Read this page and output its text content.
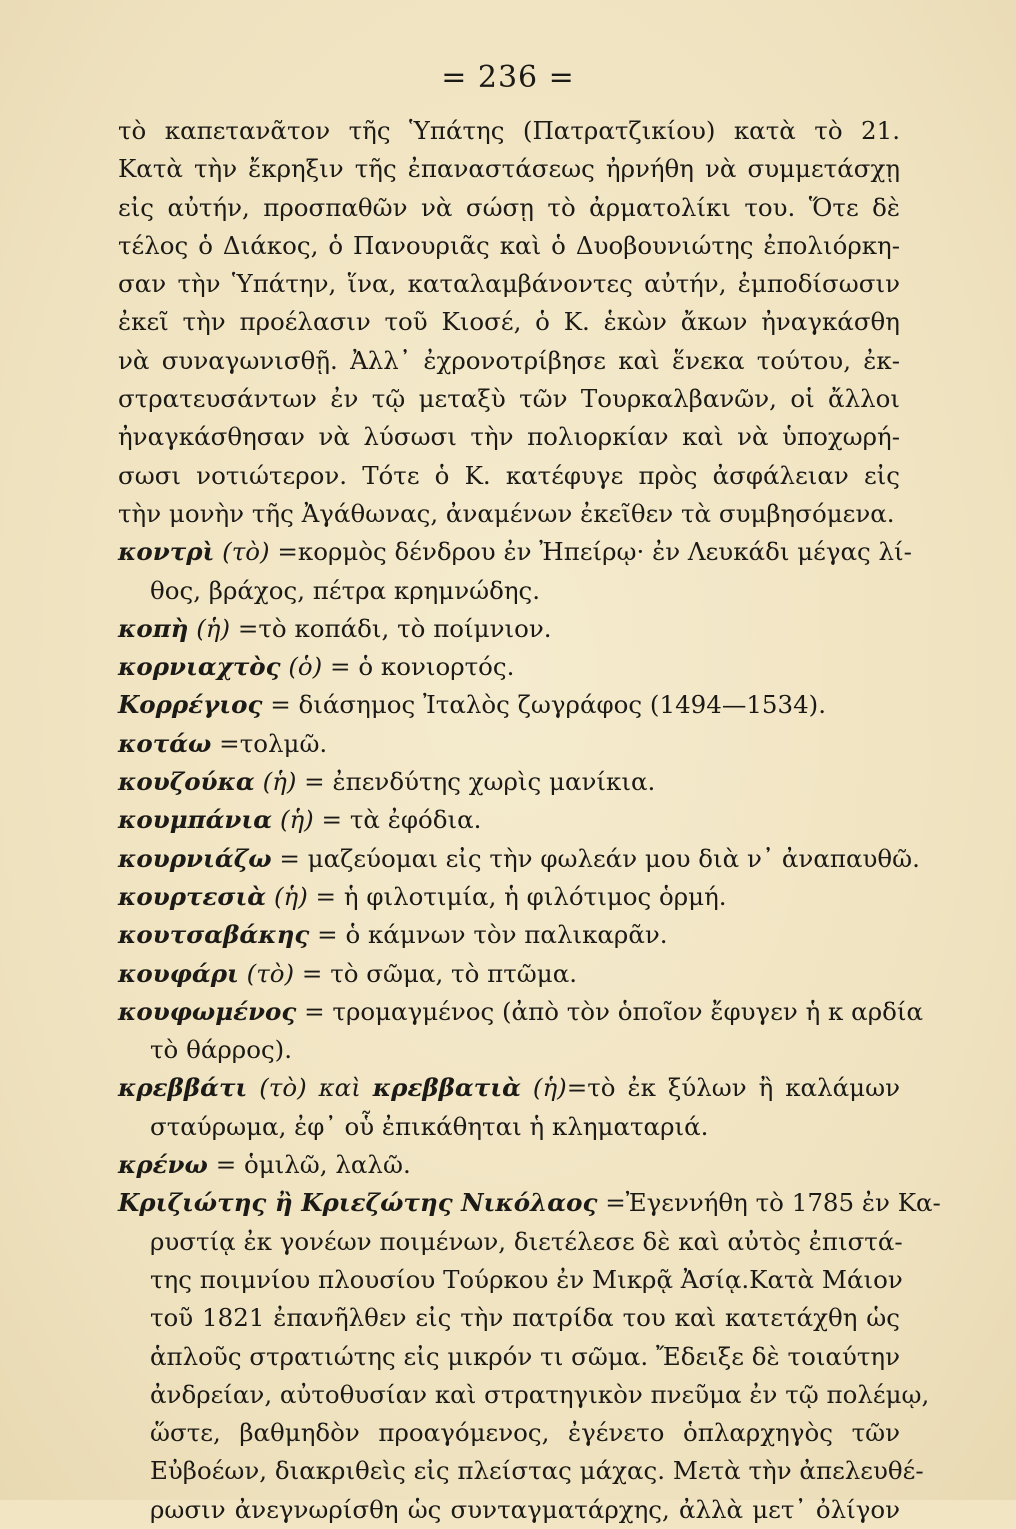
= 236 =
τὸ καπετανᾶτον τῆς Ὑπάτης (Πατρατζικίου) κατὰ τὸ 21.
Κατὰ τὴν ἔκρηξιν τῆς ἐπαναστάσεως ἠρνήθη νὰ συμμετάσχῃ
εἰς αὐτήν, προσπαθῶν νὰ σώσῃ τὸ ἀρματολίκι του. Ὅτε δὲ
τέλος ὁ Διάκος, ὁ Πανουριᾶς καὶ ὁ Δυοβουνιώτης ἐπολιόρκη-
σαν τὴν Ὑπάτην, ἵνα, καταλαμβάνοντες αὐτήν, ἐμποδίσωσιν
ἐκεῖ τὴν προέλασιν τοῦ Κιοσέ, ὁ Κ. ἑκὼν ἄκων ἠναγκάσθη
νὰ συναγωνισθῇ. Ἀλλ᾽ ἐχρονοτρίβησε καὶ ἕνεκα τούτου, ἐκ-
στρατευσάντων ἐν τῷ μεταξὺ τῶν Τουρκαλβανῶν, οἱ ἄλλοι
ἠναγκάσθησαν νὰ λύσωσι τὴν πολιορκίαν καὶ νὰ ὑποχωρή-
σωσι νοτιώτερον. Τότε ὁ Κ. κατέφυγε πρὸς ἀσφάλειαν εἰς
τὴν μονὴν τῆς Ἀγάθωνας, ἀναμένων ἐκεῖθεν τὰ συμβησόμενα.
κοντρὶ (τὸ) =κορμὸς δένδρου ἐν Ἠπείρῳ· ἐν Λευκάδι μέγας λί-
θος, βράχος, πέτρα κρημνώδης.
κοπὴ (ἡ) =τὸ κοπάδι, τὸ ποίμνιον.
κορνιαχτὸς (ὁ) = ὁ κονιορτός.
Κορρέγιος = διάσημος Ἰταλὸς ζωγράφος (1494—1534).
κοτάω =τολμῶ.
κουζούκα (ἡ) = ἐπενδύτης χωρὶς μανίκια.
κουμπάνια (ἡ) = τὰ ἐφόδια.
κουρνιάζω = μαζεύομαι εἰς τὴν φωλεάν μου διὰ ν᾽ ἀναπαυθῶ.
κουρτεσιὰ (ἡ) = ἡ φιλοτιμία, ἡ φιλότιμος ὁρμή.
κουτσαβάκης = ὁ κάμνων τὸν παλικαρᾶν.
κουφάρι (τὸ) = τὸ σῶμα, τὸ πτῶμα.
κουφωμένος = τρομαγμένος (ἀπὸ τὸν ὁποῖον ἔφυγεν ἡ κ αρδία
τὸ θάρρος).
κρεββάτι (τὸ) καὶ κρεββατιὰ (ἡ)=τὸ ἐκ ξύλων ἢ καλάμων
σταύρωμα, ἐφ᾽ οὗ ἐπικάθηται ἡ κληματαριά.
κρένω = ὁμιλῶ, λαλῶ.
Κριζιώτης ἢ Κριεζώτης Νικόλαος =Ἐγεννήθη τὸ 1785 ἐν Κα-
ρυστίᾳ ἐκ γονέων ποιμένων, διετέλεσε δὲ καὶ αὐτὸς ἐπιστά-
της ποιμνίου πλουσίου Τούρκου ἐν Μικρᾷ Ἀσίᾳ.Κατὰ Μάιον
τοῦ 1821 ἐπανῆλθεν εἰς τὴν πατρίδα του καὶ κατετάχθη ὡς
ἁπλοῦς στρατιώτης εἰς μικρόν τι σῶμα. Ἔδειξε δὲ τοιαύτην
ἀνδρείαν, αὐτοθυσίαν καὶ στρατηγικὸν πνεῦμα ἐν τῷ πολέμῳ,
ὥστε, βαθμηδὸν προαγόμενος, ἐγένετο ὁπλαρχηγὸς τῶν
Εὐβοέων, διακριθεὶς εἰς πλείστας μάχας. Μετὰ τὴν ἀπελευθέ-
ρωσιν ἀνεγνωρίσθη ὡς συνταγματάρχης, ἀλλὰ μετ᾽ ὀλίγον
